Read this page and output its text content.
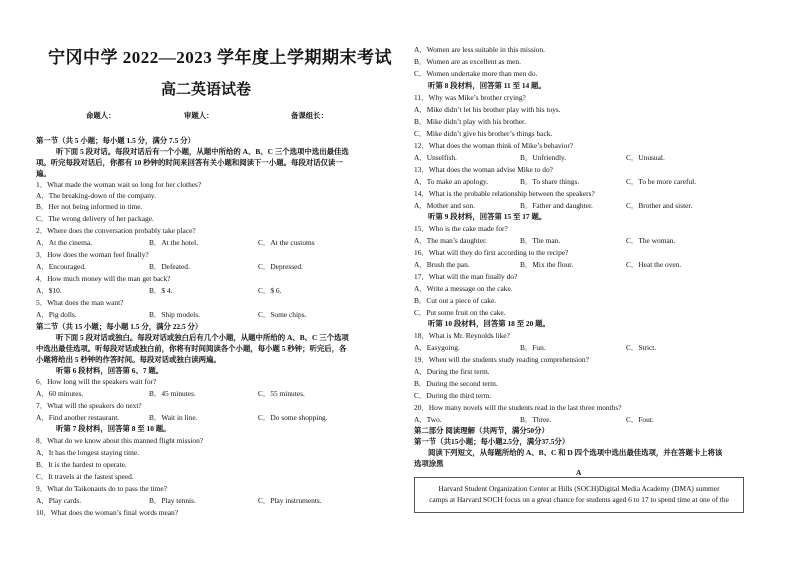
宁冈中学 2022—2023 学年度上学期期末考试
高二英语试卷
命题人：	审题人：	备课组长：
第一节（共 5 小题；每小题 1.5 分，满分 7.5 分）
听下面 5 段对话。每段对话后有一个小题，从题中所给的 A、B、C 三个选项中选出最佳选
项。听完每段对话后，你都有 10 秒钟的时间来回答有关小题和阅读下一小题。每段对话仅读一
遍。
1．What made the woman wait so long for her clothes?
A．The breaking-down of the company.
B．Her not being informed in time.
C．The wrong delivery of her package.
2．Where does the conversation probably take place?
A．At the cinema.	B．At the hotel.	C．At the customs
3．How does the woman feel finally?
A．Encouraged.	B．Defeated.	C．Depressed.
4．How much money will the man get back?
A．$10.	B．$ 4.	C．$ 6.
5．What does the man want?
A．Pig dolls.	B．Ship models.	C．Some chips.
第二节（共 15 小题；每小题 1.5 分，满分 22.5 分）
听下面 5 段对话或独白。每段对话或独白后有几个小题，从题中所给的 A、B、C 三个选项
中选出最佳选项。听每段对话或独白前，你将有时间阅读各个小题，每小题 5 秒钟；听完后，各
小题将给出 5 秒钟的作答时间。每段对话或独白读两遍。
听第 6 段材料，回答第 6、7 题。
6．How long will the speakers wait for?
A．60 minutes.	B．45 minutes.	C．55 minutes.
7．What will the speakers do next?
A．Find another restaurant.	B．Wait in line.	C．Do some shopping.
听第 7 段材料，回答第 8 至 10 题。
8．What do we know about this manned flight mission?
A．It has the longest staying time.
B．It is the hardest to operate.
C．It travels at the fastest speed.
9．What do Taikonauts do to pass the time?
A．Play cards.	B．Play tennis.	C．Play instruments.
10．What does the woman’s final words mean?
A．Women are less suitable in this mission.
B．Women are as excellent as men.
C．Women undertake more than men do.
听第 8 段材料，回答第 11 至 14 题。
11．Why was Mike’s brother crying?
A．Mike didn’t let his brother play with his toys.
B．Mike didn’t play with his brother.
C．Mike didn’t give his brother’s things back.
12．What does the woman think of Mike’s behavior?
A．Unselfish.	B．Unfriendly.	C．Unusual.
13．What does the woman advise Mike to do?
A．To make an apology.	B．To share things.	C．To be more careful.
14．What is the probable relationship between the speakers?
A．Mother and son.	B．Father and daughter.	C．Brother and sister.
听第 9 段材料，回答第 15 至 17 题。
15．Who is the cake made for?
A．The man’s daughter.	B．The man.	C．The woman.
16．What will they do first according to the recipe?
A．Brush the pan.	B．Mix the flour.	C．Heat the oven.
17．What will the man finally do?
A．Write a message on the cake.
B．Cut out a piece of cake.
C．Put some fruit on the cake.
听第 10 段材料，回答第 18 至 20 题。
18．What is Mr. Reynolds like?
A．Easygoing.	B．Fun.	C．Strict.
19．When will the students study reading comprehension?
A．During the first term.
B．During the second term.
C．During the third term.
20．How many novels will the students read in the last three months?
A．Two.	B．Three.	C．Four.
第二部分 阅读理解（共两节，满分50分）
第一节（共15小题；每小题2.5分，满分37.5分）
阅读下列短文，从每题所给的 A、B、C 和 D 四个选项中选出最佳选项，并在答题卡上将该
选项涂黑
A
Harvard Student Organization Center at Hills (SOCH)Digital Media Academy (DMA) summer
camps at Harvard SOCH focus on a great chance for students aged 6 to 17 to spend time at one of the
